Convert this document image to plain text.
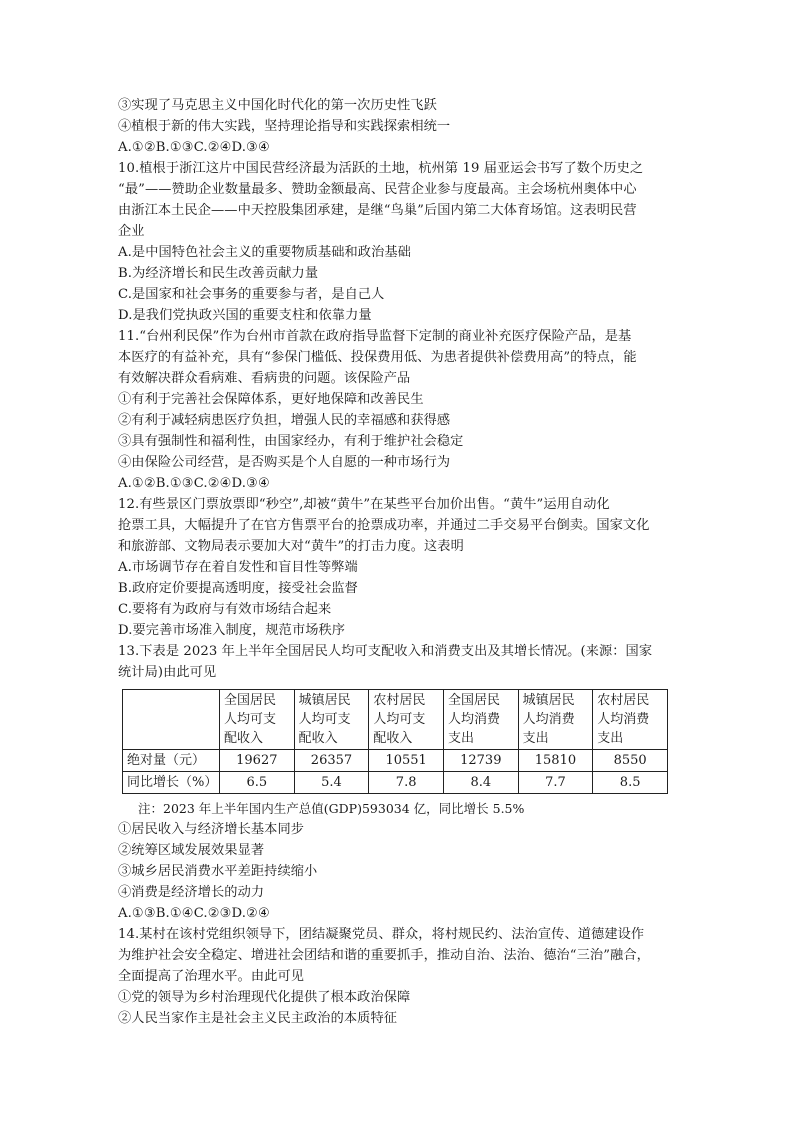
③实现了马克思主义中国化时代化的第一次历史性飞跃
④植根于新的伟大实践，坚持理论指导和实践探索相统一
A.①②B.①③C.②④D.③④
10.植根于浙江这片中国民营经济最为活跃的土地，杭州第 19 届亚运会书写了数个历史之
“最”——赞助企业数量最多、赞助金额最高、民营企业参与度最高。主会场杭州奥体中心
由浙江本土民企——中天控股集团承建，是继“鸟巢”后国内第二大体育场馆。这表明民营
企业
A.是中国特色社会主义的重要物质基础和政治基础
B.为经济增长和民生改善贡献力量
C.是国家和社会事务的重要参与者，是自己人
D.是我们党执政兴国的重要支柱和依靠力量
11.“台州利民保”作为台州市首款在政府指导监督下定制的商业补充医疗保险产品，是基
本医疗的有益补充，具有“参保门槛低、投保费用低、为患者提供补偿费用高”的特点，能
有效解决群众看病难、看病贵的问题。该保险产品
①有利于完善社会保障体系，更好地保障和改善民生
②有利于减轻病患医疗负担，增强人民的幸福感和获得感
③具有强制性和福利性，由国家经办，有利于维护社会稳定
④由保险公司经营，是否购买是个人自愿的一种市场行为
A.①②B.①③C.②④D.③④
12.有些景区门票放票即“秒空”,却被“黄牛”在某些平台加价出售。“黄牛”运用自动化
抢票工具，大幅提升了在官方售票平台的抢票成功率，并通过二手交易平台倒卖。国家文化
和旅游部、文物局表示要加大对“黄牛”的打击力度。这表明
A.市场调节存在着自发性和盲目性等弊端
B.政府定价要提高透明度，接受社会监督
C.要将有为政府与有效市场结合起来
D.要完善市场准入制度，规范市场秩序
13.下表是 2023 年上半年全国居民人均可支配收入和消费支出及其增长情况。(来源：国家
统计局)由此可见
	全国居民
人均可支
配收入	城镇居民
人均可支
配收入	农村居民
人均可支
配收入	全国居民
人均消费
支出	城镇居民
人均消费
支出	农村居民
人均消费
支出
绝对量（元）	19627	26357	10551	12739	15810	8550
同比增长（%）	6.5	5.4	7.8	8.4	7.7	8.5
注：2023 年上半年国内生产总值(GDP)593034 亿，同比增长 5.5%
①居民收入与经济增长基本同步
②统筹区域发展效果显著
③城乡居民消费水平差距持续缩小
④消费是经济增长的动力
A.①③B.①④C.②③D.②④
14.某村在该村党组织领导下，团结凝聚党员、群众，将村规民约、法治宣传、道德建设作
为维护社会安全稳定、增进社会团结和谐的重要抓手，推动自治、法治、德治“三治”融合，
全面提高了治理水平。由此可见
①党的领导为乡村治理现代化提供了根本政治保障
②人民当家作主是社会主义民主政治的本质特征
